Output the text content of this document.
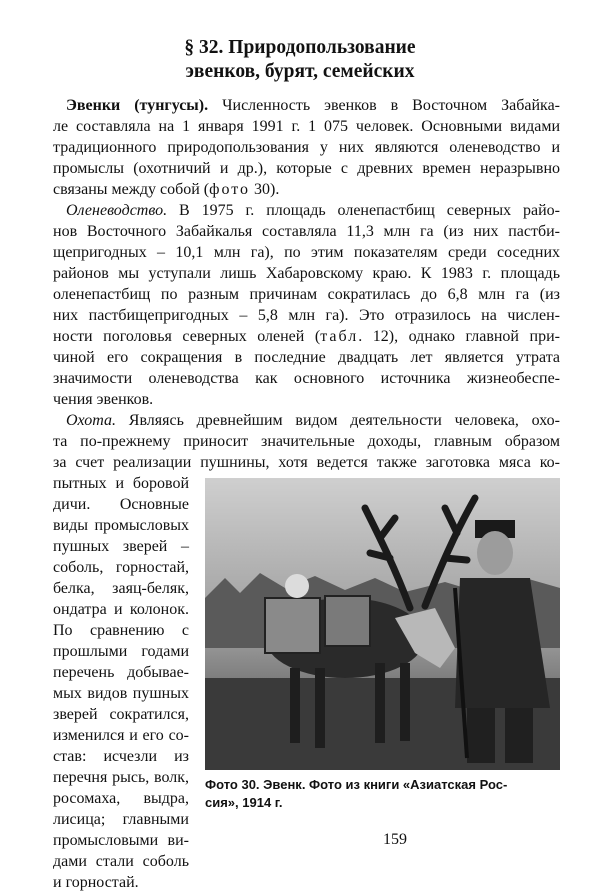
§ 32. Природопользование
эвенков, бурят, семейских
Эвенки (тунгусы). Численность эвенков в Восточном Забайка-
ле составляла на 1 января 1991 г. 1 075 человек. Основными видами
традиционного природопользования у них являются оленеводство и
промыслы (охотничий и др.), которые с древних времен неразрывно
связаны между собой (фото 30).
Оленеводство. В 1975 г. площадь оленепастбищ северных райо-
нов Восточного Забайкалья составляла 11,3 млн га (из них пастби-
щепригодных – 10,1 млн га), по этим показателям среди соседних
районов мы уступали лишь Хабаровскому краю. К 1983 г. площадь
оленепастбищ по разным причинам сократилась до 6,8 млн га (из
них пастбищепригодных – 5,8 млн га). Это отразилось на числен-
ности поголовья северных оленей (табл. 12), однако главной при-
чиной его сокращения в последние двадцать лет является утрата
значимости оленеводства как основного источника жизнеобеспе-
чения эвенков.
Охота. Являясь древнейшим видом деятельности человека, охо-
та по-прежнему приносит значительные доходы, главным образом
за счет реализации пушнины, хотя ведется также заготовка мяса ко-
пытных и боровой
дичи. Основные
виды промысловых
пушных зверей –
соболь, горностай,
белка, заяц-беляк,
ондатра и колонок.
По сравнению с
прошлыми годами
перечень добывае-
мых видов пушных
зверей сократился,
изменился и его со-
став: исчезли из
перечня рысь, волк,
росомаха, выдра,
лисица; главными
промысловыми ви-
дами стали соболь
и горностай.
Фото 30. Эвенк. Фото из книги «Азиатская Рос-
сия», 1914 г.
159
